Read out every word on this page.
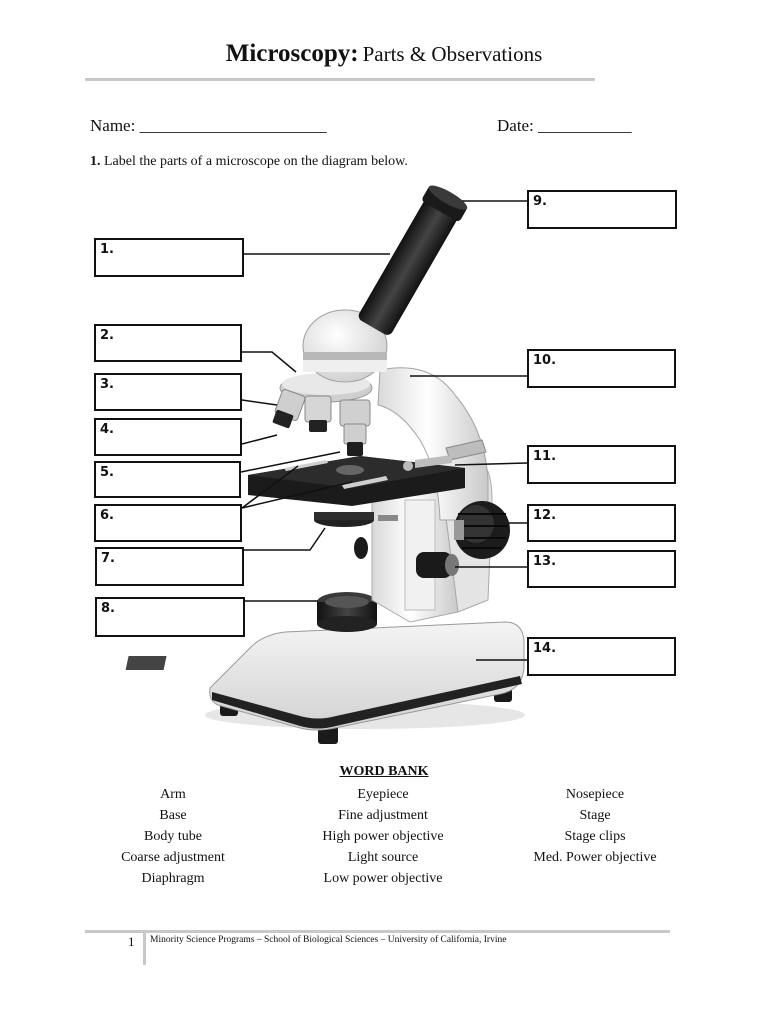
Microscopy: Parts & Observations
Name: ______________________	Date: ___________
1. Label the parts of a microscope on the diagram below.
1.
2.
3.
4.
5.
6.
7.
8.
9.
10.
11.
12.
13.
14.
WORD BANK
Arm
Base
Body tube
Coarse adjustment
Diaphragm
Eyepiece
Fine adjustment
High power objective
Light source
Low power objective
Nosepiece
Stage
Stage clips
Med. Power objective
1 Minority Science Programs – School of Biological Sciences – University of California, Irvine
